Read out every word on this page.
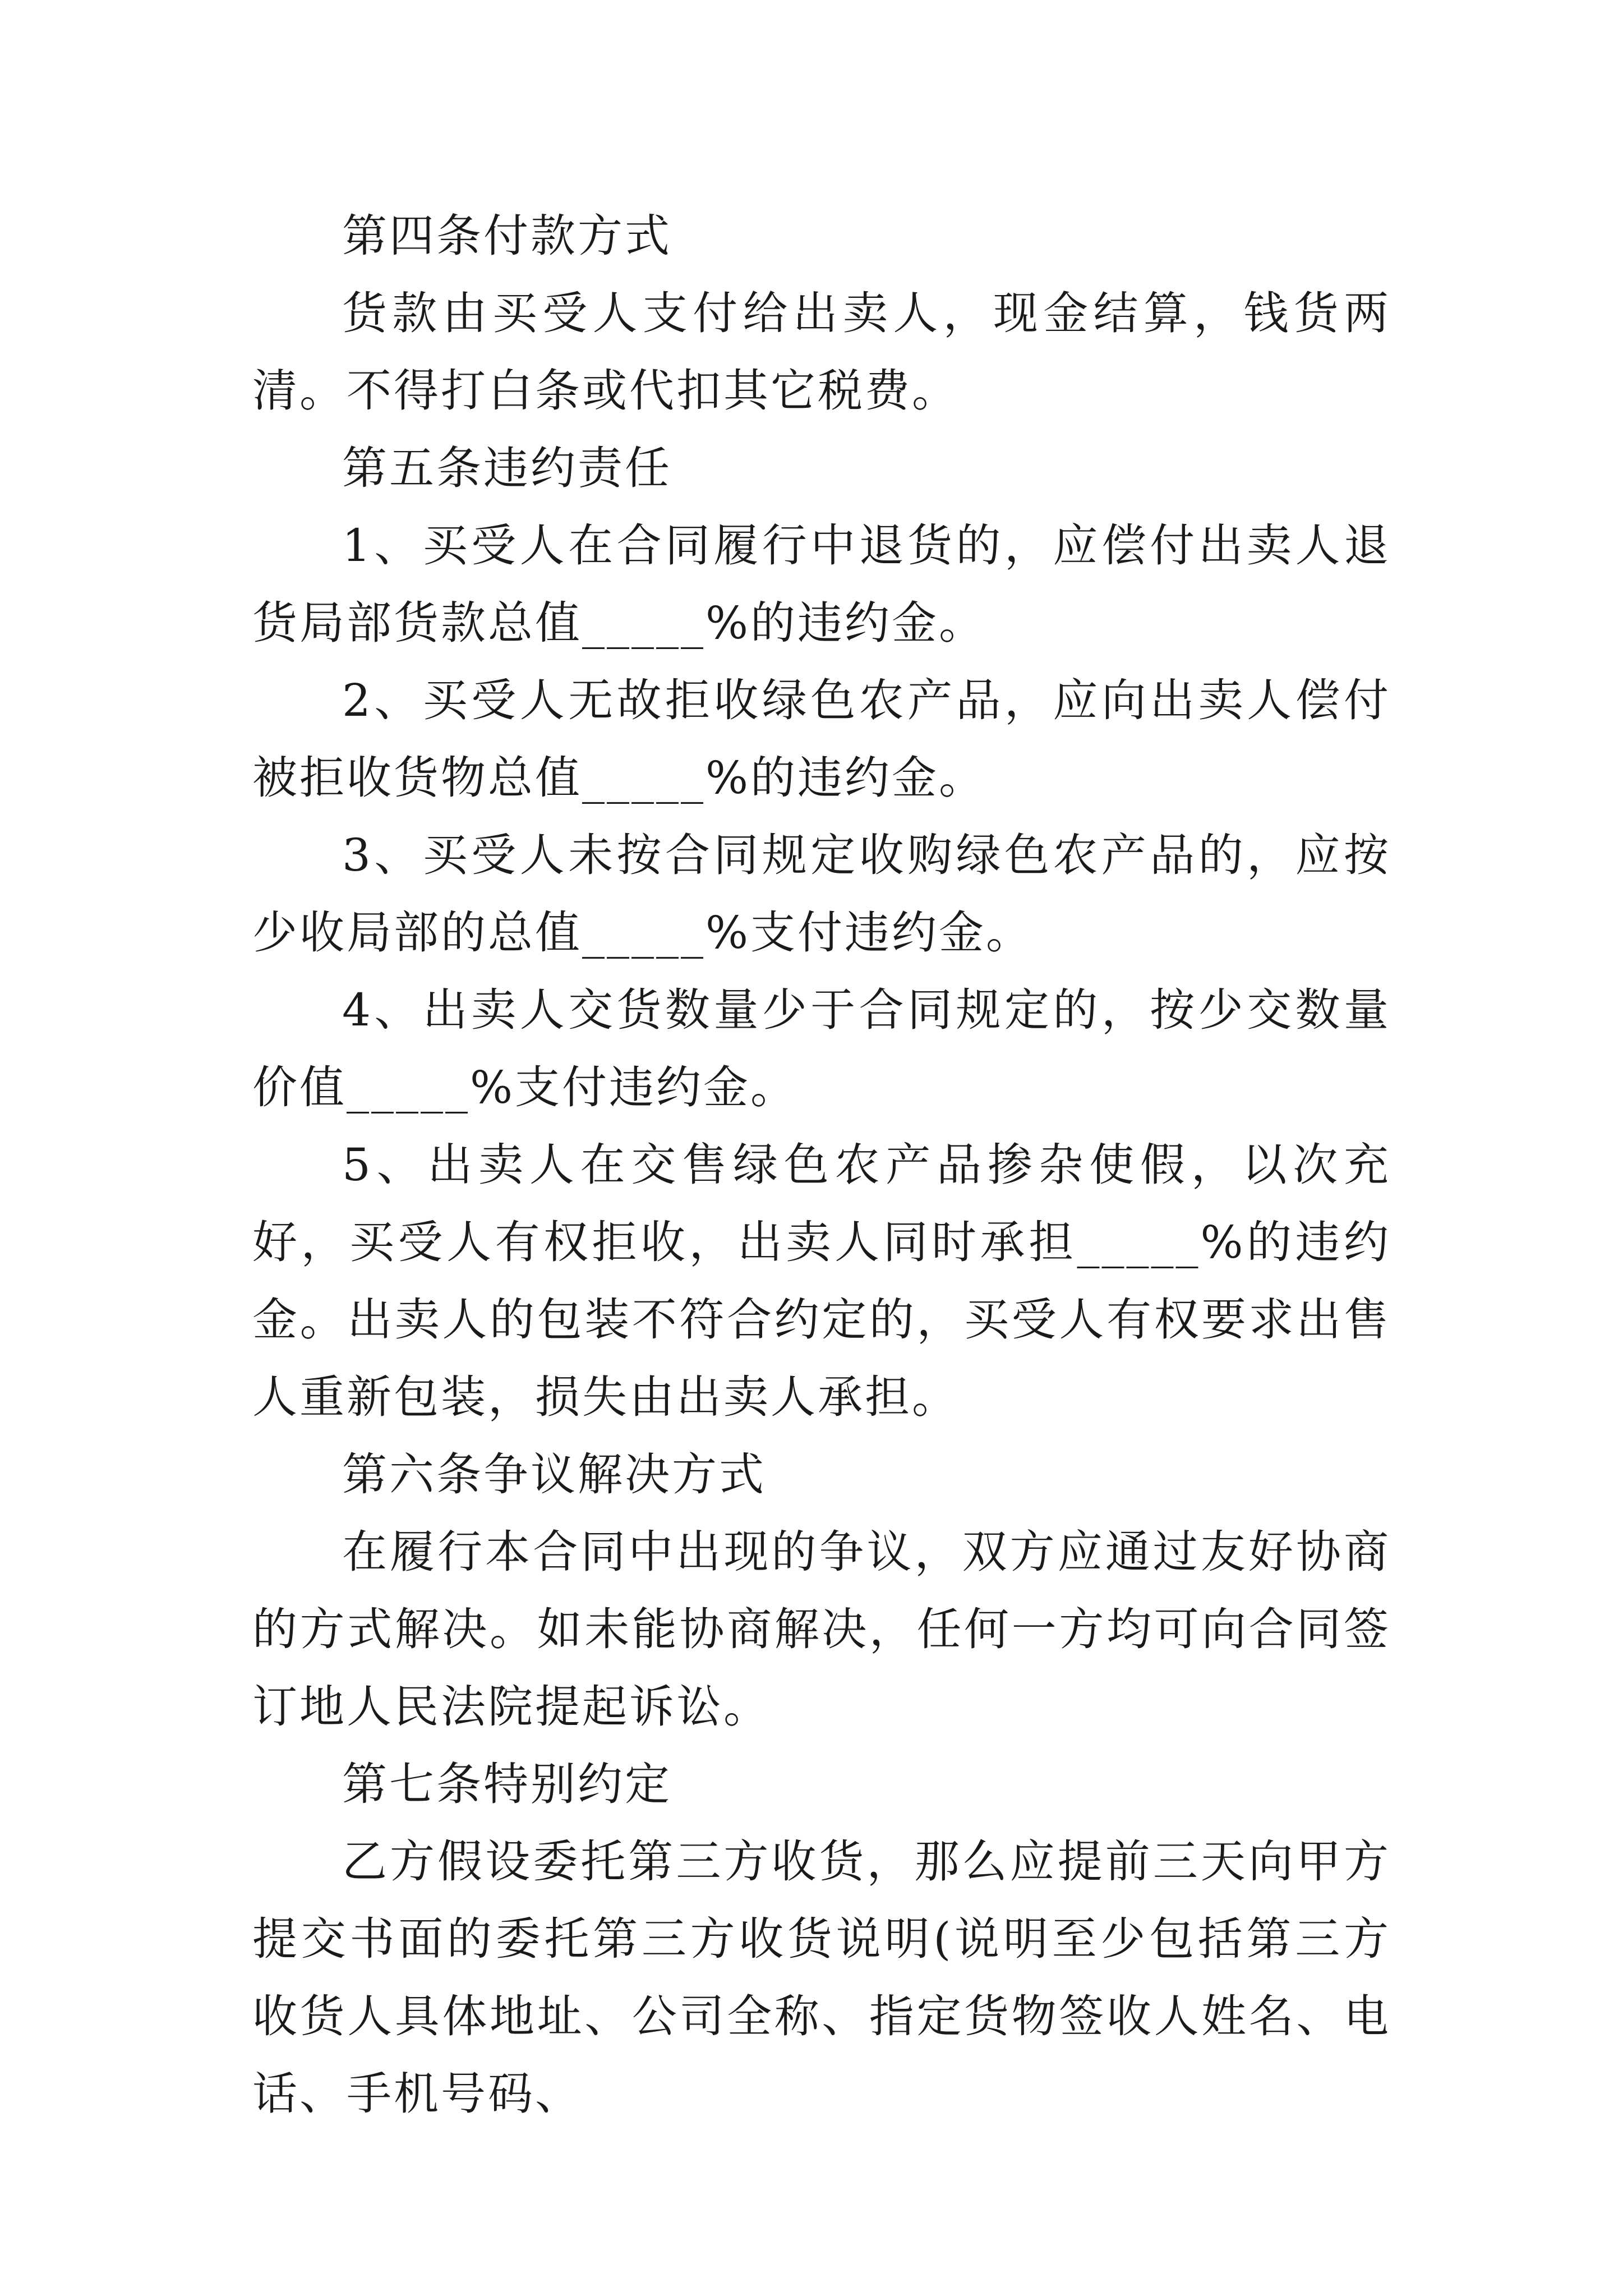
第四条付款方式

货款由买受人支付给出卖人，现金结算，钱货两清。不得打白条或代扣其它税费。

第五条违约责任

1、买受人在合同履行中退货的，应偿付出卖人退货局部货款总值_____%的违约金。

2、买受人无故拒收绿色农产品，应向出卖人偿付被拒收货物总值_____%的违约金。

3、买受人未按合同规定收购绿色农产品的，应按少收局部的总值_____%支付违约金。

4、出卖人交货数量少于合同规定的，按少交数量价值_____%支付违约金。

5、出卖人在交售绿色农产品掺杂使假，以次充好，买受人有权拒收，出卖人同时承担_____%的违约金。出卖人的包装不符合约定的，买受人有权要求出售人重新包装，损失由出卖人承担。

第六条争议解决方式

在履行本合同中出现的争议，双方应通过友好协商的方式解决。如未能协商解决，任何一方均可向合同签订地人民法院提起诉讼。

第七条特别约定

乙方假设委托第三方收货，那么应提前三天向甲方提交书面的委托第三方收货说明(说明至少包括第三方收货人具体地址、公司全称、指定货物签收人姓名、电话、手机号码、
